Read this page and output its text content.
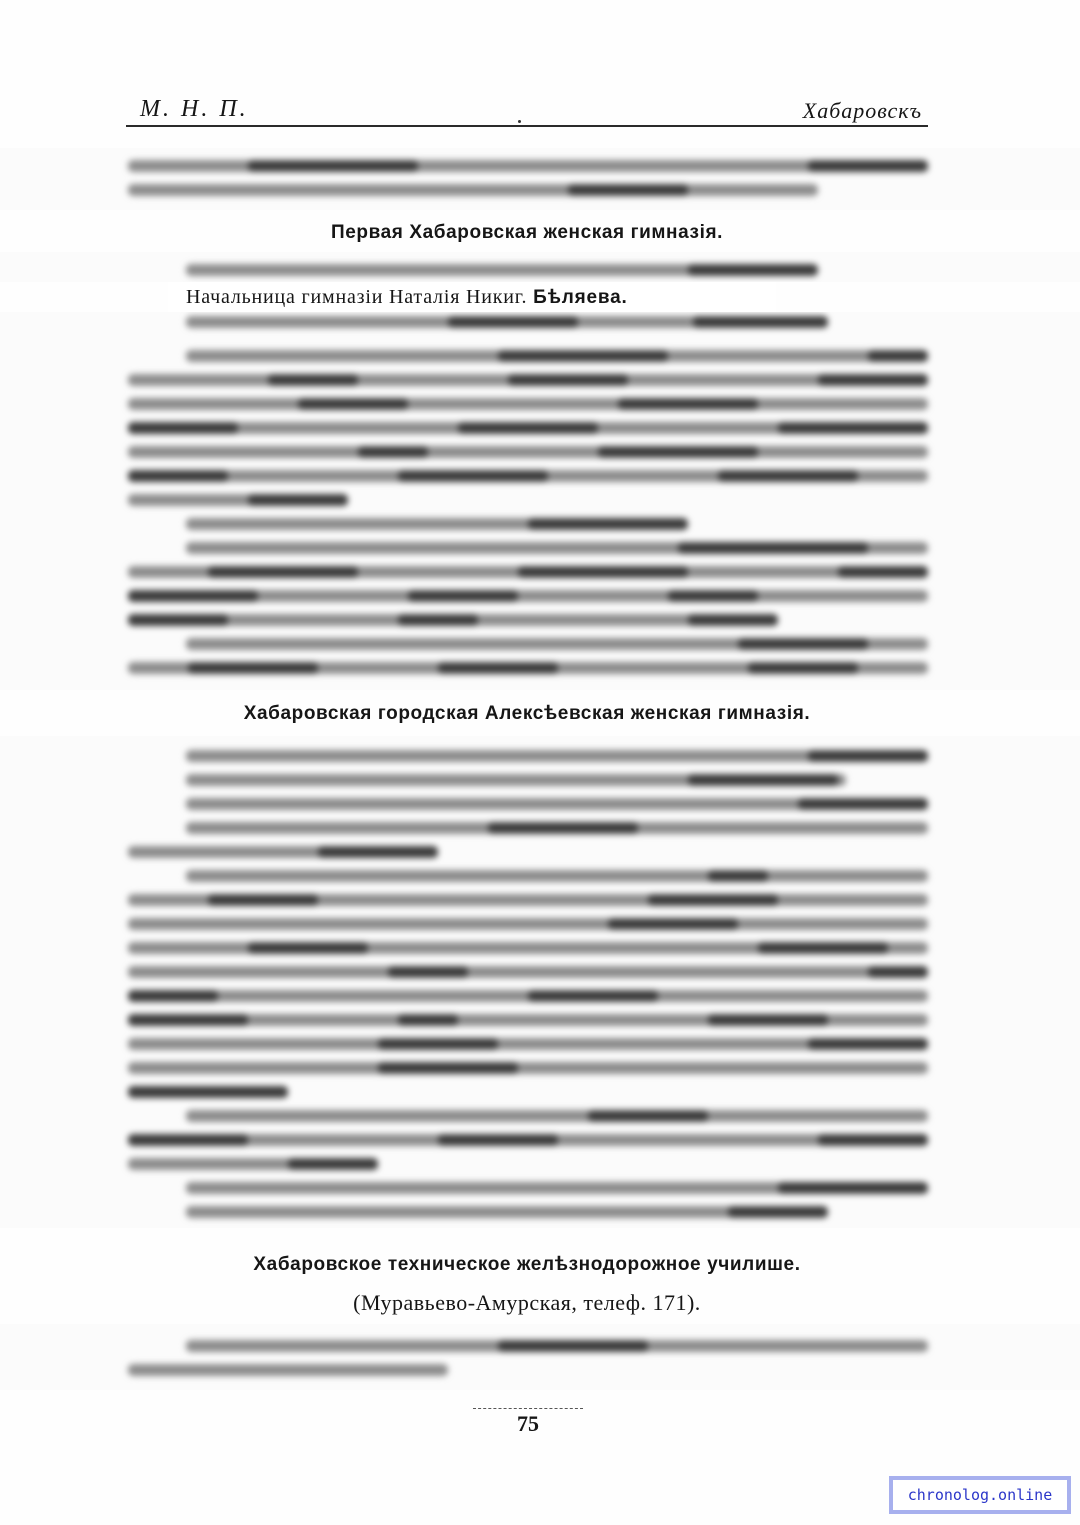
М. Н. П.	Хабаровскъ
Первая Хабаровская женская гимназія.
Начальница гимназіи Наталія Никиг. Бѣляева.
Хабаровская городская Алексѣевская женская гимназія.
Хабаровское техническое желѣзнодорожное училише.
(Муравьево-Амурская, телеф. 171).
75
chronolog.online
